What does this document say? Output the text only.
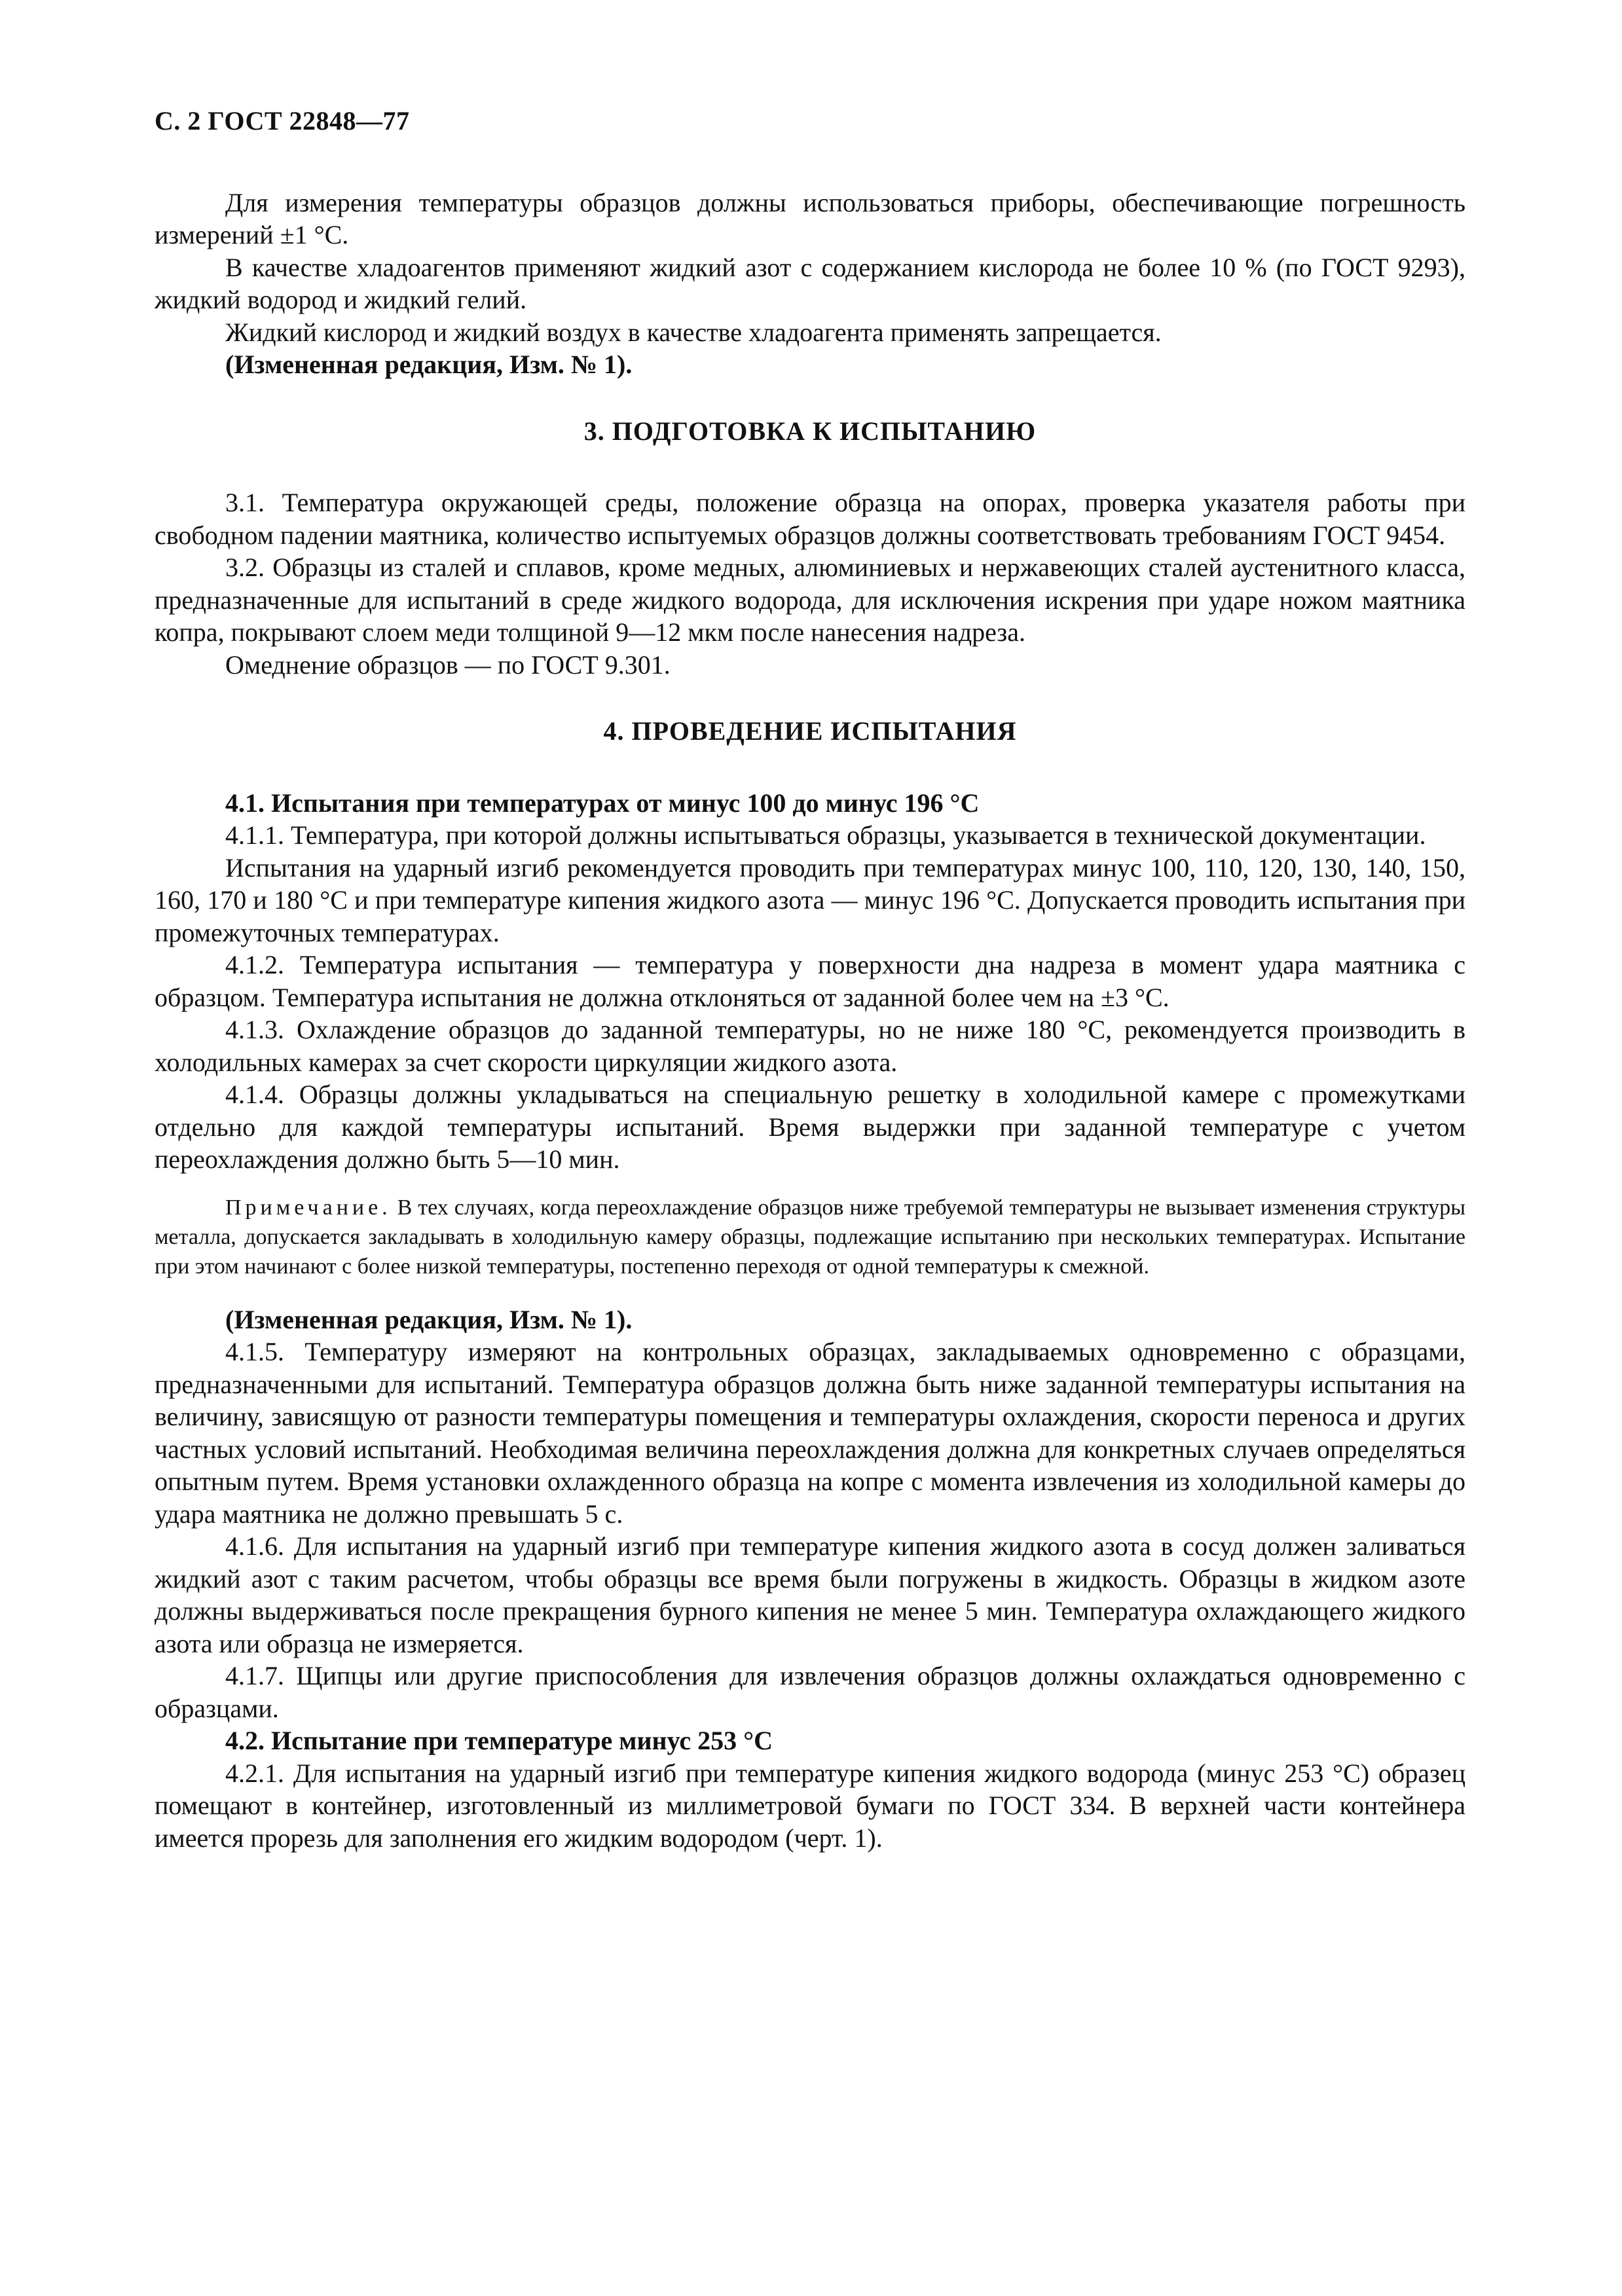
С. 2 ГОСТ 22848—77

Для измерения температуры образцов должны использоваться приборы, обеспечивающие погрешность измерений ±1 °С.

В качестве хладоагентов применяют жидкий азот с содержанием кислорода не более 10 % (по ГОСТ 9293), жидкий водород и жидкий гелий.

Жидкий кислород и жидкий воздух в качестве хладоагента применять запрещается.

(Измененная редакция, Изм. № 1).

3. ПОДГОТОВКА К ИСПЫТАНИЮ

3.1. Температура окружающей среды, положение образца на опорах, проверка указателя работы при свободном падении маятника, количество испытуемых образцов должны соответствовать требованиям ГОСТ 9454.

3.2. Образцы из сталей и сплавов, кроме медных, алюминиевых и нержавеющих сталей аустенитного класса, предназначенные для испытаний в среде жидкого водорода, для исключения искрения при ударе ножом маятника копра, покрывают слоем меди толщиной 9—12 мкм после нанесения надреза.

Омеднение образцов — по ГОСТ 9.301.

4. ПРОВЕДЕНИЕ ИСПЫТАНИЯ
4.1. Испытания при температурах от минус 100 до минус 196 °С

4.1.1. Температура, при которой должны испытываться образцы, указывается в технической документации.

Испытания на ударный изгиб рекомендуется проводить при температурах минус 100, 110, 120, 130, 140, 150, 160, 170 и 180 °С и при температуре кипения жидкого азота — минус 196 °С. Допускается проводить испытания при промежуточных температурах.

4.1.2. Температура испытания — температура у поверхности дна надреза в момент удара маятника с образцом. Температура испытания не должна отклоняться от заданной более чем на ±3 °С.

4.1.3. Охлаждение образцов до заданной температуры, но не ниже 180 °С, рекомендуется производить в холодильных камерах за счет скорости циркуляции жидкого азота.

4.1.4. Образцы должны укладываться на специальную решетку в холодильной камере с промежутками отдельно для каждой температуры испытаний. Время выдержки при заданной температуре с учетом переохлаждения должно быть 5—10 мин.

Примечание. В тех случаях, когда переохлаждение образцов ниже требуемой температуры не вызывает изменения структуры металла, допускается закладывать в холодильную камеру образцы, подлежащие испытанию при нескольких температурах. Испытание при этом начинают с более низкой температуры, постепенно переходя от одной температуры к смежной.

(Измененная редакция, Изм. № 1).

4.1.5. Температуру измеряют на контрольных образцах, закладываемых одновременно с образцами, предназначенными для испытаний. Температура образцов должна быть ниже заданной температуры испытания на величину, зависящую от разности температуры помещения и температуры охлаждения, скорости переноса и других частных условий испытаний. Необходимая величина переохлаждения должна для конкретных случаев определяться опытным путем. Время установки охлажденного образца на копре с момента извлечения из холодильной камеры до удара маятника не должно превышать 5 с.

4.1.6. Для испытания на ударный изгиб при температуре кипения жидкого азота в сосуд должен заливаться жидкий азот с таким расчетом, чтобы образцы все время были погружены в жидкость. Образцы в жидком азоте должны выдерживаться после прекращения бурного кипения не менее 5 мин. Температура охлаждающего жидкого азота или образца не измеряется.

4.1.7. Щипцы или другие приспособления для извлечения образцов должны охлаждаться одновременно с образцами.

4.2. Испытание при температуре минус 253 °С

4.2.1. Для испытания на ударный изгиб при температуре кипения жидкого водорода (минус 253 °С) образец помещают в контейнер, изготовленный из миллиметровой бумаги по ГОСТ 334. В верхней части контейнера имеется прорезь для заполнения его жидким водородом (черт. 1).
